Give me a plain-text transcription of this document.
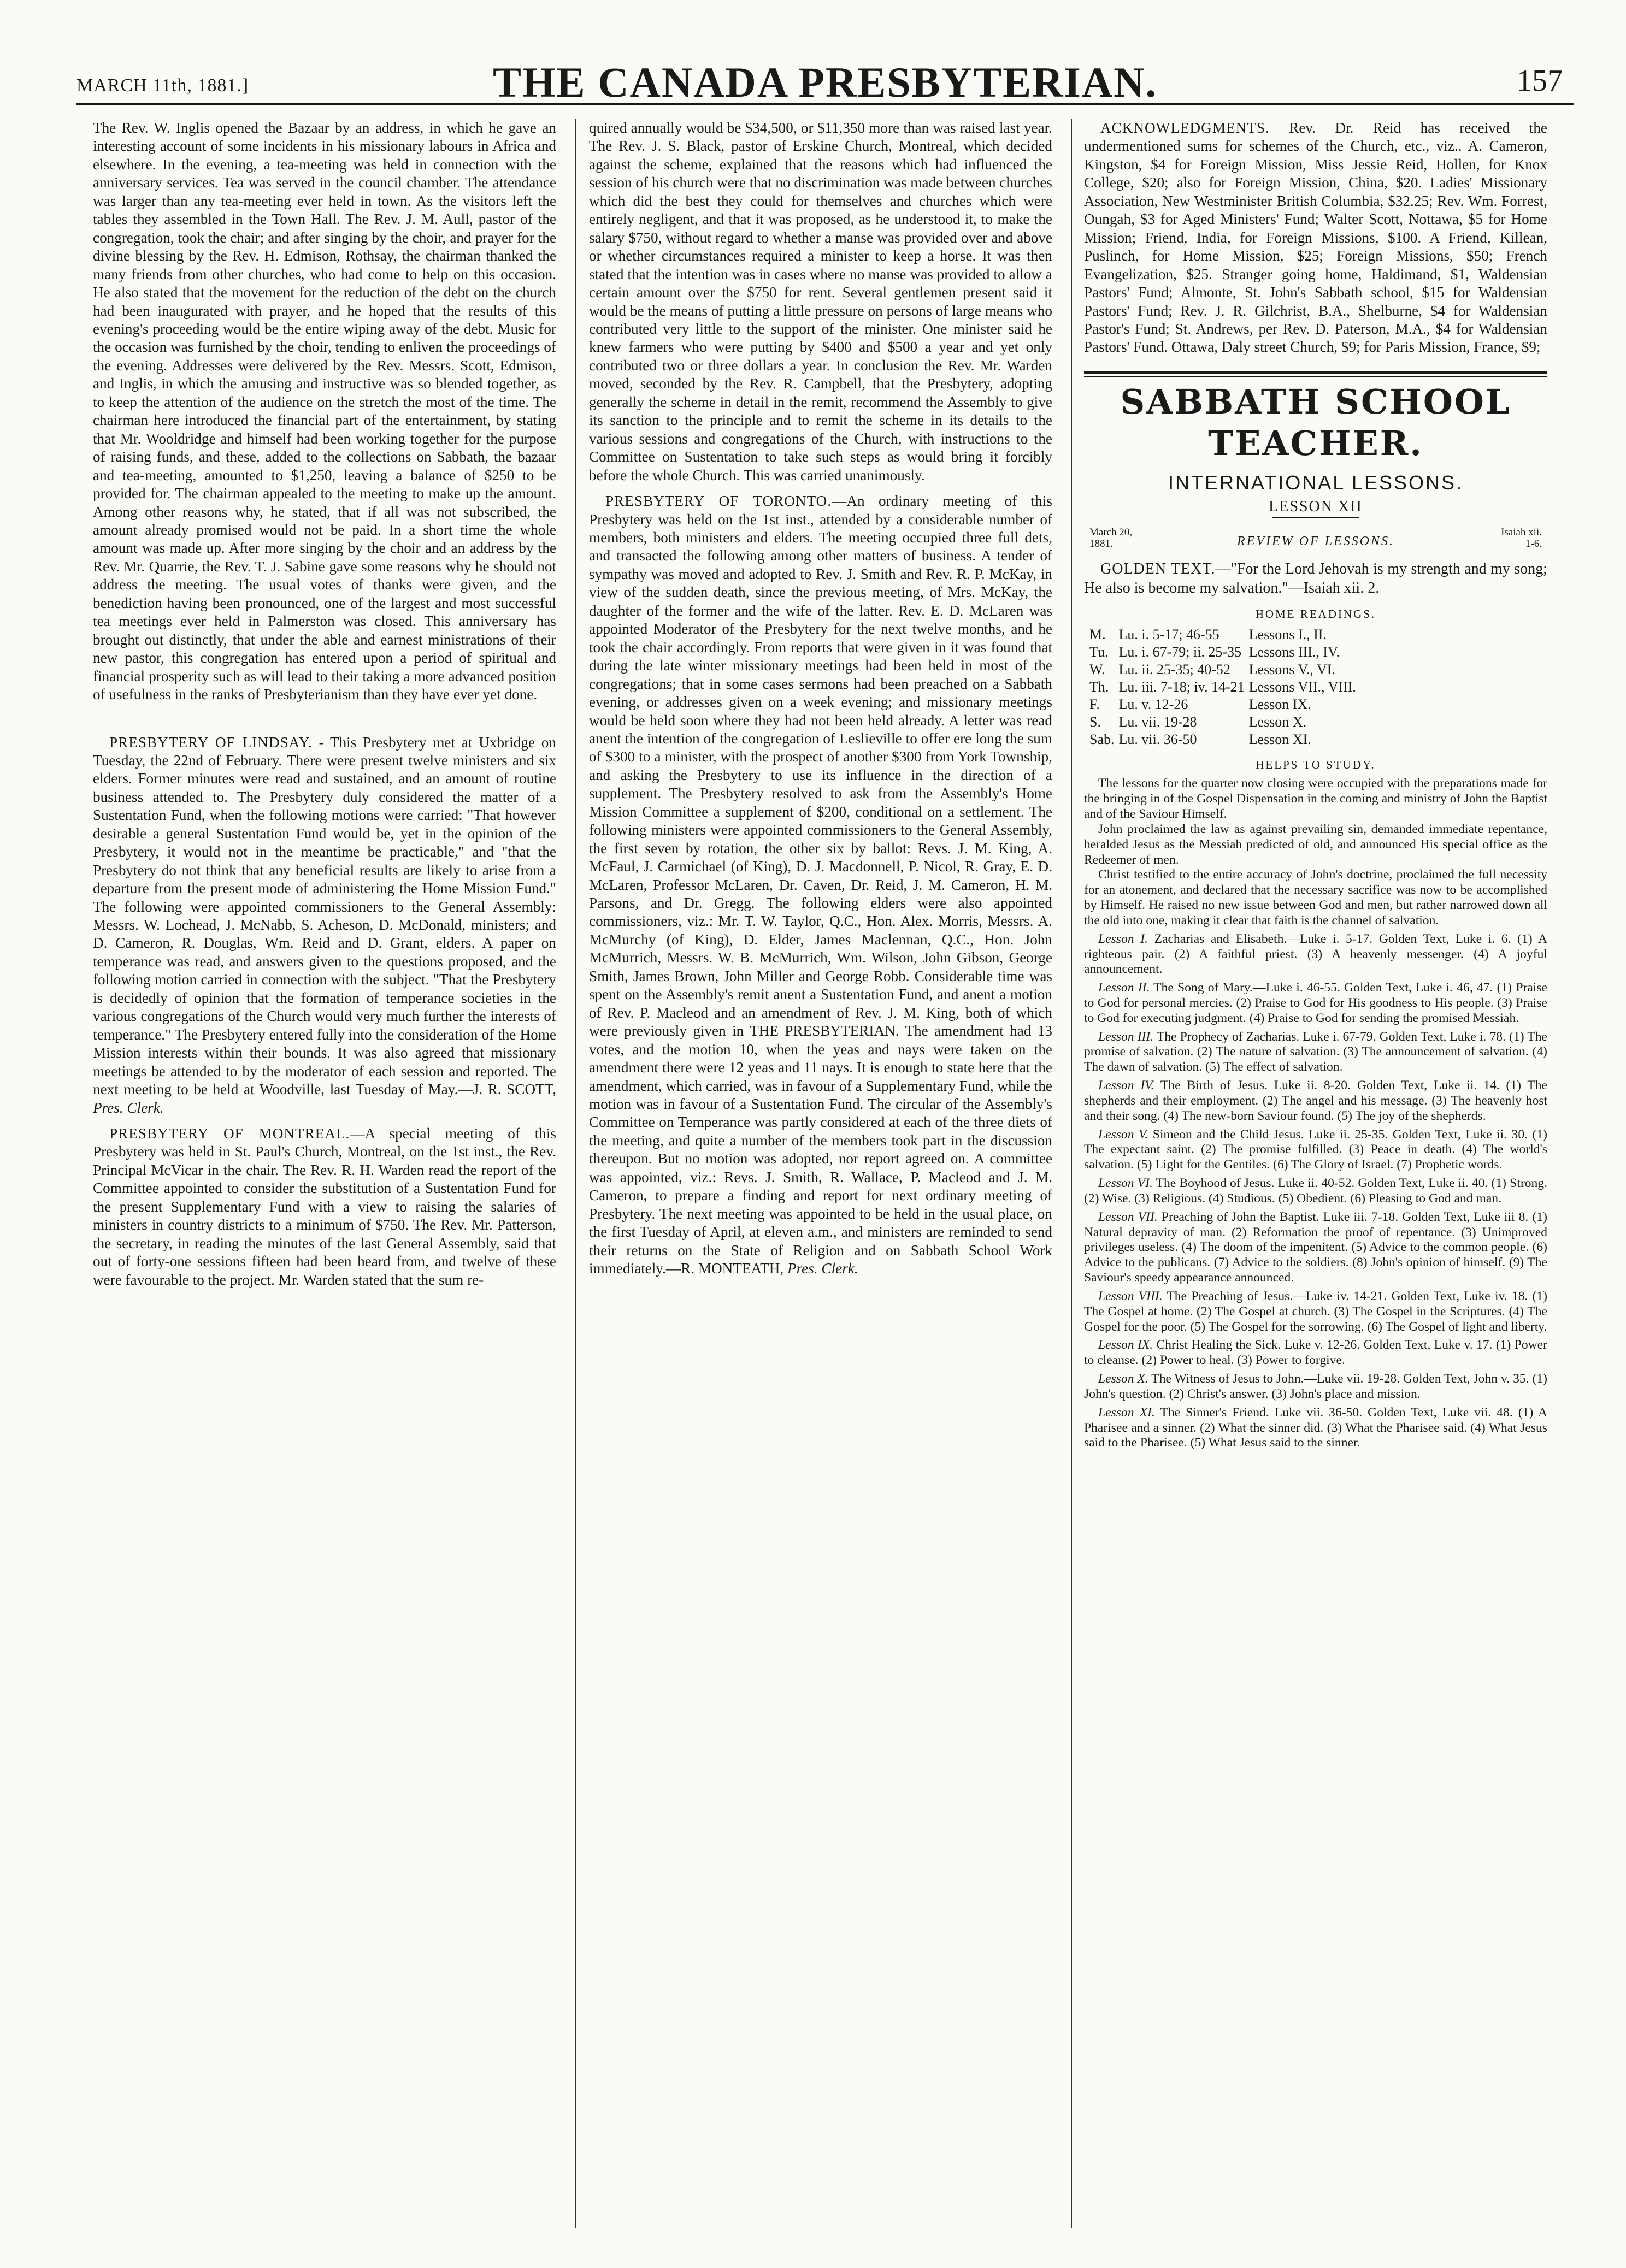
MARCH 11th, 1881.]	THE CANADA PRESBYTERIAN.	157

The Rev. W. Inglis opened the Bazaar by an address, in which he gave an interesting account of some incidents in his missionary labours in Africa and elsewhere. In the evening, a tea-meeting was held in connection with the anniversary services. Tea was served in the council chamber. The attendance was larger than any tea-meeting ever held in town. As the visitors left the tables they assembled in the Town Hall. The Rev. J. M. Aull, pastor of the congregation, took the chair; and after singing by the choir, and prayer for the divine blessing by the Rev. H. Edmison, Rothsay, the chairman thanked the many friends from other churches, who had come to help on this occasion. He also stated that the movement for the reduction of the debt on the church had been inaugurated with prayer, and he hoped that the results of this evening's proceeding would be the entire wiping away of the debt. Music for the occasion was furnished by the choir, tending to enliven the proceedings of the evening. Addresses were delivered by the Rev. Messrs. Scott, Edmison, and Inglis, in which the amusing and instructive was so blended together, as to keep the attention of the audience on the stretch the most of the time. The chairman here introduced the financial part of the entertainment, by stating that Mr. Wooldridge and himself had been working together for the purpose of raising funds, and these, added to the collections on Sabbath, the bazaar and tea-meeting, amounted to $1,250, leaving a balance of $250 to be provided for. The chairman appealed to the meeting to make up the amount. Among other reasons why, he stated, that if all was not subscribed, the amount already promised would not be paid. In a short time the whole amount was made up. After more singing by the choir and an address by the Rev. Mr. Quarrie, the Rev. T. J. Sabine gave some reasons why he should not address the meeting. The usual votes of thanks were given, and the benediction having been pronounced, one of the largest and most successful tea meetings ever held in Palmerston was closed. This anniversary has brought out distinctly, that under the able and earnest ministrations of their new pastor, this congregation has entered upon a period of spiritual and financial prosperity such as will lead to their taking a more advanced position of usefulness in the ranks of Presbyterianism than they have ever yet done.

PRESBYTERY OF LINDSAY. - This Presbytery met at Uxbridge on Tuesday, the 22nd of February. There were present twelve ministers and six elders. Former minutes were read and sustained, and an amount of routine business attended to. The Presbytery duly considered the matter of a Sustentation Fund, when the following motions were carried: "That however desirable a general Sustentation Fund would be, yet in the opinion of the Presbytery, it would not in the meantime be practicable," and "that the Presbytery do not think that any beneficial results are likely to arise from a departure from the present mode of administering the Home Mission Fund." The following were appointed commissioners to the General Assembly: Messrs. W. Lochead, J. McNabb, S. Acheson, D. McDonald, ministers; and D. Cameron, R. Douglas, Wm. Reid and D. Grant, elders. A paper on temperance was read, and answers given to the questions proposed, and the following motion carried in connection with the subject. "That the Presbytery is decidedly of opinion that the formation of temperance societies in the various congregations of the Church would very much further the interests of temperance." The Presbytery entered fully into the consideration of the Home Mission interests within their bounds. It was also agreed that missionary meetings be attended to by the moderator of each session and reported. The next meeting to be held at Woodville, last Tuesday of May.—J. R. SCOTT, Pres. Clerk.

PRESBYTERY OF MONTREAL.—A special meeting of this Presbytery was held in St. Paul's Church, Montreal, on the 1st inst., the Rev. Principal McVicar in the chair. The Rev. R. H. Warden read the report of the Committee appointed to consider the substitution of a Sustentation Fund for the present Supplementary Fund with a view to raising the salaries of ministers in country districts to a minimum of $750. The Rev. Mr. Patterson, the secretary, in reading the minutes of the last General Assembly, said that out of forty-one sessions fifteen had been heard from, and twelve of these were favourable to the project. Mr. Warden stated that the sum re-

quired annually would be $34,500, or $11,350 more than was raised last year. The Rev. J. S. Black, pastor of Erskine Church, Montreal, which decided against the scheme, explained that the reasons which had influenced the session of his church were that no discrimination was made between churches which did the best they could for themselves and churches which were entirely negligent, and that it was proposed, as he understood it, to make the salary $750, without regard to whether a manse was provided over and above or whether circumstances required a minister to keep a horse. It was then stated that the intention was in cases where no manse was provided to allow a certain amount over the $750 for rent. Several gentlemen present said it would be the means of putting a little pressure on persons of large means who contributed very little to the support of the minister. One minister said he knew farmers who were putting by $400 and $500 a year and yet only contributed two or three dollars a year. In conclusion the Rev. Mr. Warden moved, seconded by the Rev. R. Campbell, that the Presbytery, adopting generally the scheme in detail in the remit, recommend the Assembly to give its sanction to the principle and to remit the scheme in its details to the various sessions and congregations of the Church, with instructions to the Committee on Sustentation to take such steps as would bring it forcibly before the whole Church. This was carried unanimously.

PRESBYTERY OF TORONTO.—An ordinary meeting of this Presbytery was held on the 1st inst., attended by a considerable number of members, both ministers and elders. The meeting occupied three full dets, and transacted the following among other matters of business. A tender of sympathy was moved and adopted to Rev. J. Smith and Rev. R. P. McKay, in view of the sudden death, since the previous meeting, of Mrs. McKay, the daughter of the former and the wife of the latter. Rev. E. D. McLaren was appointed Moderator of the Presbytery for the next twelve months, and he took the chair accordingly. From reports that were given in it was found that during the late winter missionary meetings had been held in most of the congregations; that in some cases sermons had been preached on a Sabbath evening, or addresses given on a week evening; and missionary meetings would be held soon where they had not been held already. A letter was read anent the intention of the congregation of Leslieville to offer ere long the sum of $300 to a minister, with the prospect of another $300 from York Township, and asking the Presbytery to use its influence in the direction of a supplement. The Presbytery resolved to ask from the Assembly's Home Mission Committee a supplement of $200, conditional on a settlement. The following ministers were appointed commissioners to the General Assembly, the first seven by rotation, the other six by ballot: Revs. J. M. King, A. McFaul, J. Carmichael (of King), D. J. Macdonnell, P. Nicol, R. Gray, E. D. McLaren, Professor McLaren, Dr. Caven, Dr. Reid, J. M. Cameron, H. M. Parsons, and Dr. Gregg. The following elders were also appointed commissioners, viz.: Mr. T. W. Taylor, Q.C., Hon. Alex. Morris, Messrs. A. McMurchy (of King), D. Elder, James Maclennan, Q.C., Hon. John McMurrich, Messrs. W. B. McMurrich, Wm. Wilson, John Gibson, George Smith, James Brown, John Miller and George Robb. Considerable time was spent on the Assembly's remit anent a Sustentation Fund, and anent a motion of Rev. P. Macleod and an amendment of Rev. J. M. King, both of which were previously given in THE PRESBYTERIAN. The amendment had 13 votes, and the motion 10, when the yeas and nays were taken on the amendment there were 12 yeas and 11 nays. It is enough to state here that the amendment, which carried, was in favour of a Supplementary Fund, while the motion was in favour of a Sustentation Fund. The circular of the Assembly's Committee on Temperance was partly considered at each of the three diets of the meeting, and quite a number of the members took part in the discussion thereupon. But no motion was adopted, nor report agreed on. A committee was appointed, viz.: Revs. J. Smith, R. Wallace, P. Macleod and J. M. Cameron, to prepare a finding and report for next ordinary meeting of Presbytery. The next meeting was appointed to be held in the usual place, on the first Tuesday of April, at eleven a.m., and ministers are reminded to send their returns on the State of Religion and on Sabbath School Work immediately.—R. MONTEATH, Pres. Clerk.

ACKNOWLEDGMENTS. Rev. Dr. Reid has received the undermentioned sums for schemes of the Church, etc., viz.. A. Cameron, Kingston, $4 for Foreign Mission, Miss Jessie Reid, Hollen, for Knox College, $20; also for Foreign Mission, China, $20. Ladies' Missionary Association, New Westminister British Columbia, $32.25; Rev. Wm. Forrest, Oungah, $3 for Aged Ministers' Fund; Walter Scott, Nottawa, $5 for Home Mission; Friend, India, for Foreign Missions, $100. A Friend, Killean, Puslinch, for Home Mission, $25; Foreign Missions, $50; French Evangelization, $25. Stranger going home, Haldimand, $1, Waldensian Pastors' Fund; Almonte, St. John's Sabbath school, $15 for Waldensian Pastors' Fund; Rev. J. R. Gilchrist, B.A., Shelburne, $4 for Waldensian Pastor's Fund; St. Andrews, per Rev. D. Paterson, M.A., $4 for Waldensian Pastors' Fund. Ottawa, Daly street Church, $9; for Paris Mission, France, $9;

SABBATH SCHOOL TEACHER.
INTERNATIONAL LESSONS.
LESSON XII
March 20,
1881.	REVIEW OF LESSONS.
Isaiah xii.
1-6.

GOLDEN TEXT.—"For the Lord Jehovah is my strength and my song; He also is become my salvation."—Isaiah xii. 2.

HOME READINGS.
M.	Lu. i. 5-17; 46-55	Lessons I., II.
Tu.	Lu. i. 67-79; ii. 25-35	Lessons III., IV.
W.	Lu. ii. 25-35; 40-52	Lessons V., VI.
Th.	Lu. iii. 7-18; iv. 14-21	Lessons VII., VIII.
F.	Lu. v. 12-26	Lesson IX.
S.	Lu. vii. 19-28	Lesson X.
Sab.	Lu. vii. 36-50	Lesson XI.
HELPS TO STUDY.

The lessons for the quarter now closing were occupied with the preparations made for the bringing in of the Gospel Dispensation in the coming and ministry of John the Baptist and of the Saviour Himself.

John proclaimed the law as against prevailing sin, demanded immediate repentance, heralded Jesus as the Messiah predicted of old, and announced His special office as the Redeemer of men.

Christ testified to the entire accuracy of John's doctrine, proclaimed the full necessity for an atonement, and declared that the necessary sacrifice was now to be accomplished by Himself. He raised no new issue between God and men, but rather narrowed down all the old into one, making it clear that faith is the channel of salvation.

Lesson I. Zacharias and Elisabeth.—Luke i. 5-17. Golden Text, Luke i. 6. (1) A righteous pair. (2) A faithful priest. (3) A heavenly messenger. (4) A joyful announcement.

Lesson II. The Song of Mary.—Luke i. 46-55. Golden Text, Luke i. 46, 47. (1) Praise to God for personal mercies. (2) Praise to God for His goodness to His people. (3) Praise to God for executing judgment. (4) Praise to God for sending the promised Messiah.

Lesson III. The Prophecy of Zacharias. Luke i. 67-79. Golden Text, Luke i. 78. (1) The promise of salvation. (2) The nature of salvation. (3) The announcement of salvation. (4) The dawn of salvation. (5) The effect of salvation.

Lesson IV. The Birth of Jesus. Luke ii. 8-20. Golden Text, Luke ii. 14. (1) The shepherds and their employment. (2) The angel and his message. (3) The heavenly host and their song. (4) The new-born Saviour found. (5) The joy of the shepherds.

Lesson V. Simeon and the Child Jesus. Luke ii. 25-35. Golden Text, Luke ii. 30. (1) The expectant saint. (2) The promise fulfilled. (3) Peace in death. (4) The world's salvation. (5) Light for the Gentiles. (6) The Glory of Israel. (7) Prophetic words.

Lesson VI. The Boyhood of Jesus. Luke ii. 40-52. Golden Text, Luke ii. 40. (1) Strong. (2) Wise. (3) Religious. (4) Studious. (5) Obedient. (6) Pleasing to God and man.

Lesson VII. Preaching of John the Baptist. Luke iii. 7-18. Golden Text, Luke iii 8. (1) Natural depravity of man. (2) Reformation the proof of repentance. (3) Unimproved privileges useless. (4) The doom of the impenitent. (5) Advice to the common people. (6) Advice to the publicans. (7) Advice to the soldiers. (8) John's opinion of himself. (9) The Saviour's speedy appearance announced.

Lesson VIII. The Preaching of Jesus.—Luke iv. 14-21. Golden Text, Luke iv. 18. (1) The Gospel at home. (2) The Gospel at church. (3) The Gospel in the Scriptures. (4) The Gospel for the poor. (5) The Gospel for the sorrowing. (6) The Gospel of light and liberty.

Lesson IX. Christ Healing the Sick. Luke v. 12-26. Golden Text, Luke v. 17. (1) Power to cleanse. (2) Power to heal. (3) Power to forgive.

Lesson X. The Witness of Jesus to John.—Luke vii. 19-28. Golden Text, John v. 35. (1) John's question. (2) Christ's answer. (3) John's place and mission.

Lesson XI. The Sinner's Friend. Luke vii. 36-50. Golden Text, Luke vii. 48. (1) A Pharisee and a sinner. (2) What the sinner did. (3) What the Pharisee said. (4) What Jesus said to the Pharisee. (5) What Jesus said to the sinner.
